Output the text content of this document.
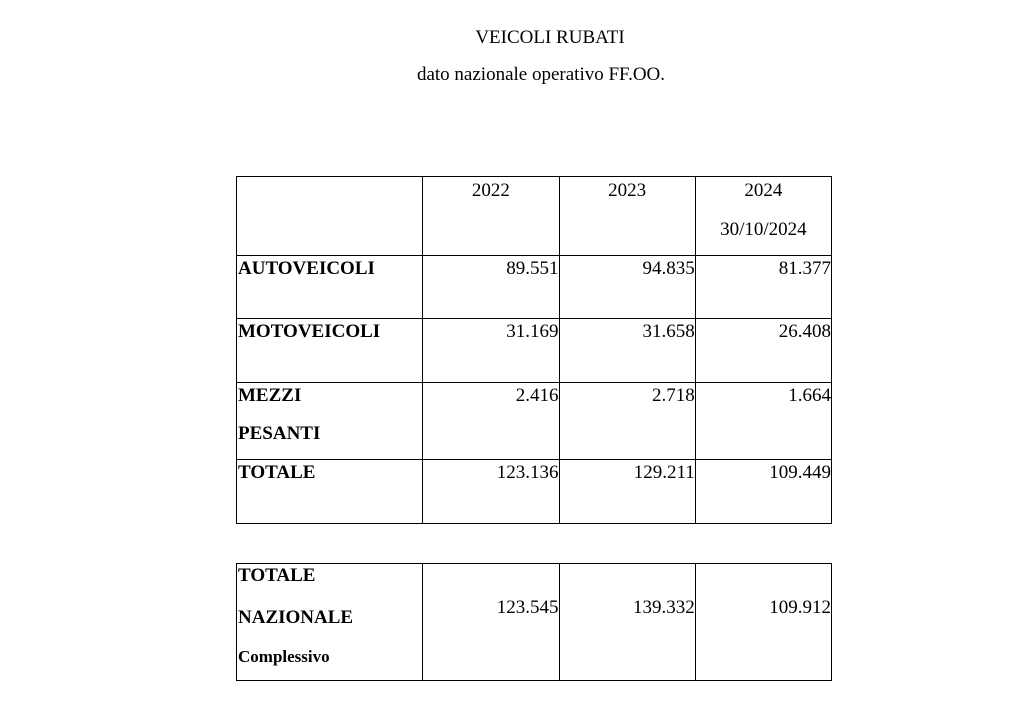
VEICOLI RUBATI
dato nazionale operativo FF.OO.
	2022	2023	2024
30/10/2024

AUTOVEICOLI	89.551	94.835	81.377
MOTOVEICOLI	31.169	31.658	26.408
MEZZI
PESANTI	2.416	2.718	1.664
TOTALE	123.136	129.211	109.449
TOTALE
NAZIONALE
Complessivo
	123.545	139.332	109.912
